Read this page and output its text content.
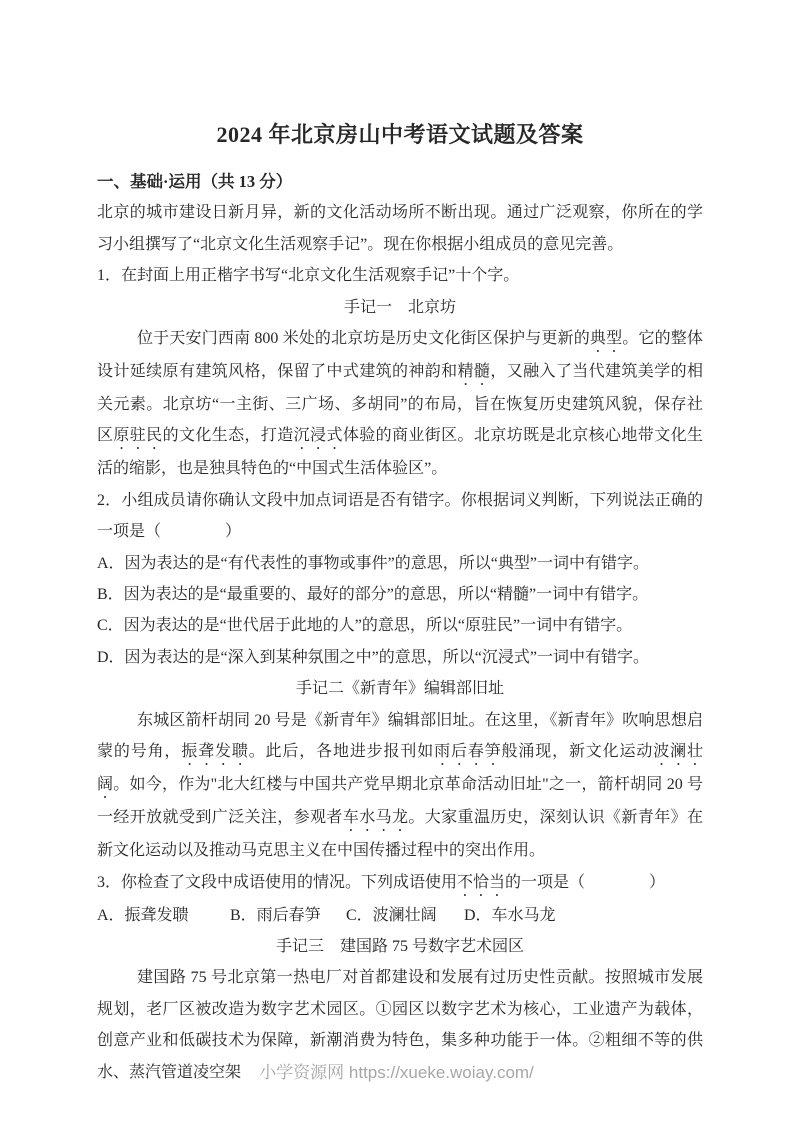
2024 年北京房山中考语文试题及答案
一、基础·运用（共 13 分）

北京的城市建设日新月异，新的文化活动场所不断出现。通过广泛观察，你所在的学习小组撰写了“北京文化生活观察手记”。现在你根据小组成员的意见完善。

1．在封面上用正楷字书写“北京文化生活观察手记”十个字。

手记一　北京坊

位于天安门西南 800 米处的北京坊是历史文化街区保护与更新的典型。它的整体设计延续原有建筑风格，保留了中式建筑的神韵和精髓，又融入了当代建筑美学的相关元素。北京坊“一主街、三广场、多胡同”的布局，旨在恢复历史建筑风貌，保存社区原驻民的文化生态，打造沉浸式体验的商业街区。北京坊既是北京核心地带文化生活的缩影，也是独具特色的“中国式生活体验区”。

2．小组成员请你确认文段中加点词语是否有错字。你根据词义判断，下列说法正确的一项是（　　　　）

A．因为表达的是“有代表性的事物或事件”的意思，所以“典型”一词中有错字。

B．因为表达的是“最重要的、最好的部分”的意思，所以“精髓”一词中有错字。

C．因为表达的是“世代居于此地的人”的意思，所以“原驻民”一词中有错字。

D．因为表达的是“深入到某种氛围之中”的意思，所以“沉浸式”一词中有错字。

手记二《新青年》编辑部旧址

东城区箭杆胡同 20 号是《新青年》编辑部旧址。在这里，《新青年》吹响思想启蒙的号角，振聋发聩。此后，各地进步报刊如雨后春笋般涌现，新文化运动波澜壮阔。如今，作为"北大红楼与中国共产党早期北京革命活动旧址"之一，箭杆胡同 20 号一经开放就受到广泛关注，参观者车水马龙。大家重温历史，深刻认识《新青年》在新文化运动以及推动马克思主义在中国传播过程中的突出作用。

3．你检查了文段中成语使用的情况。下列成语使用不恰当的一项是（　　　　）

A．振聋发聩	B．雨后春笋	C．波澜壮阔	D．车水马龙

手记三　建国路 75 号数字艺术园区

建国路 75 号北京第一热电厂对首都建设和发展有过历史性贡献。按照城市发展规划，老厂区被改造为数字艺术园区。①园区以数字艺术为核心，工业遗产为载体，创意产业和低碳技术为保障，新潮消费为特色，集多种功能于一体。②粗细不等的供水、蒸汽管道凌空架	小学资源网 https://xueke.woiay.com/
